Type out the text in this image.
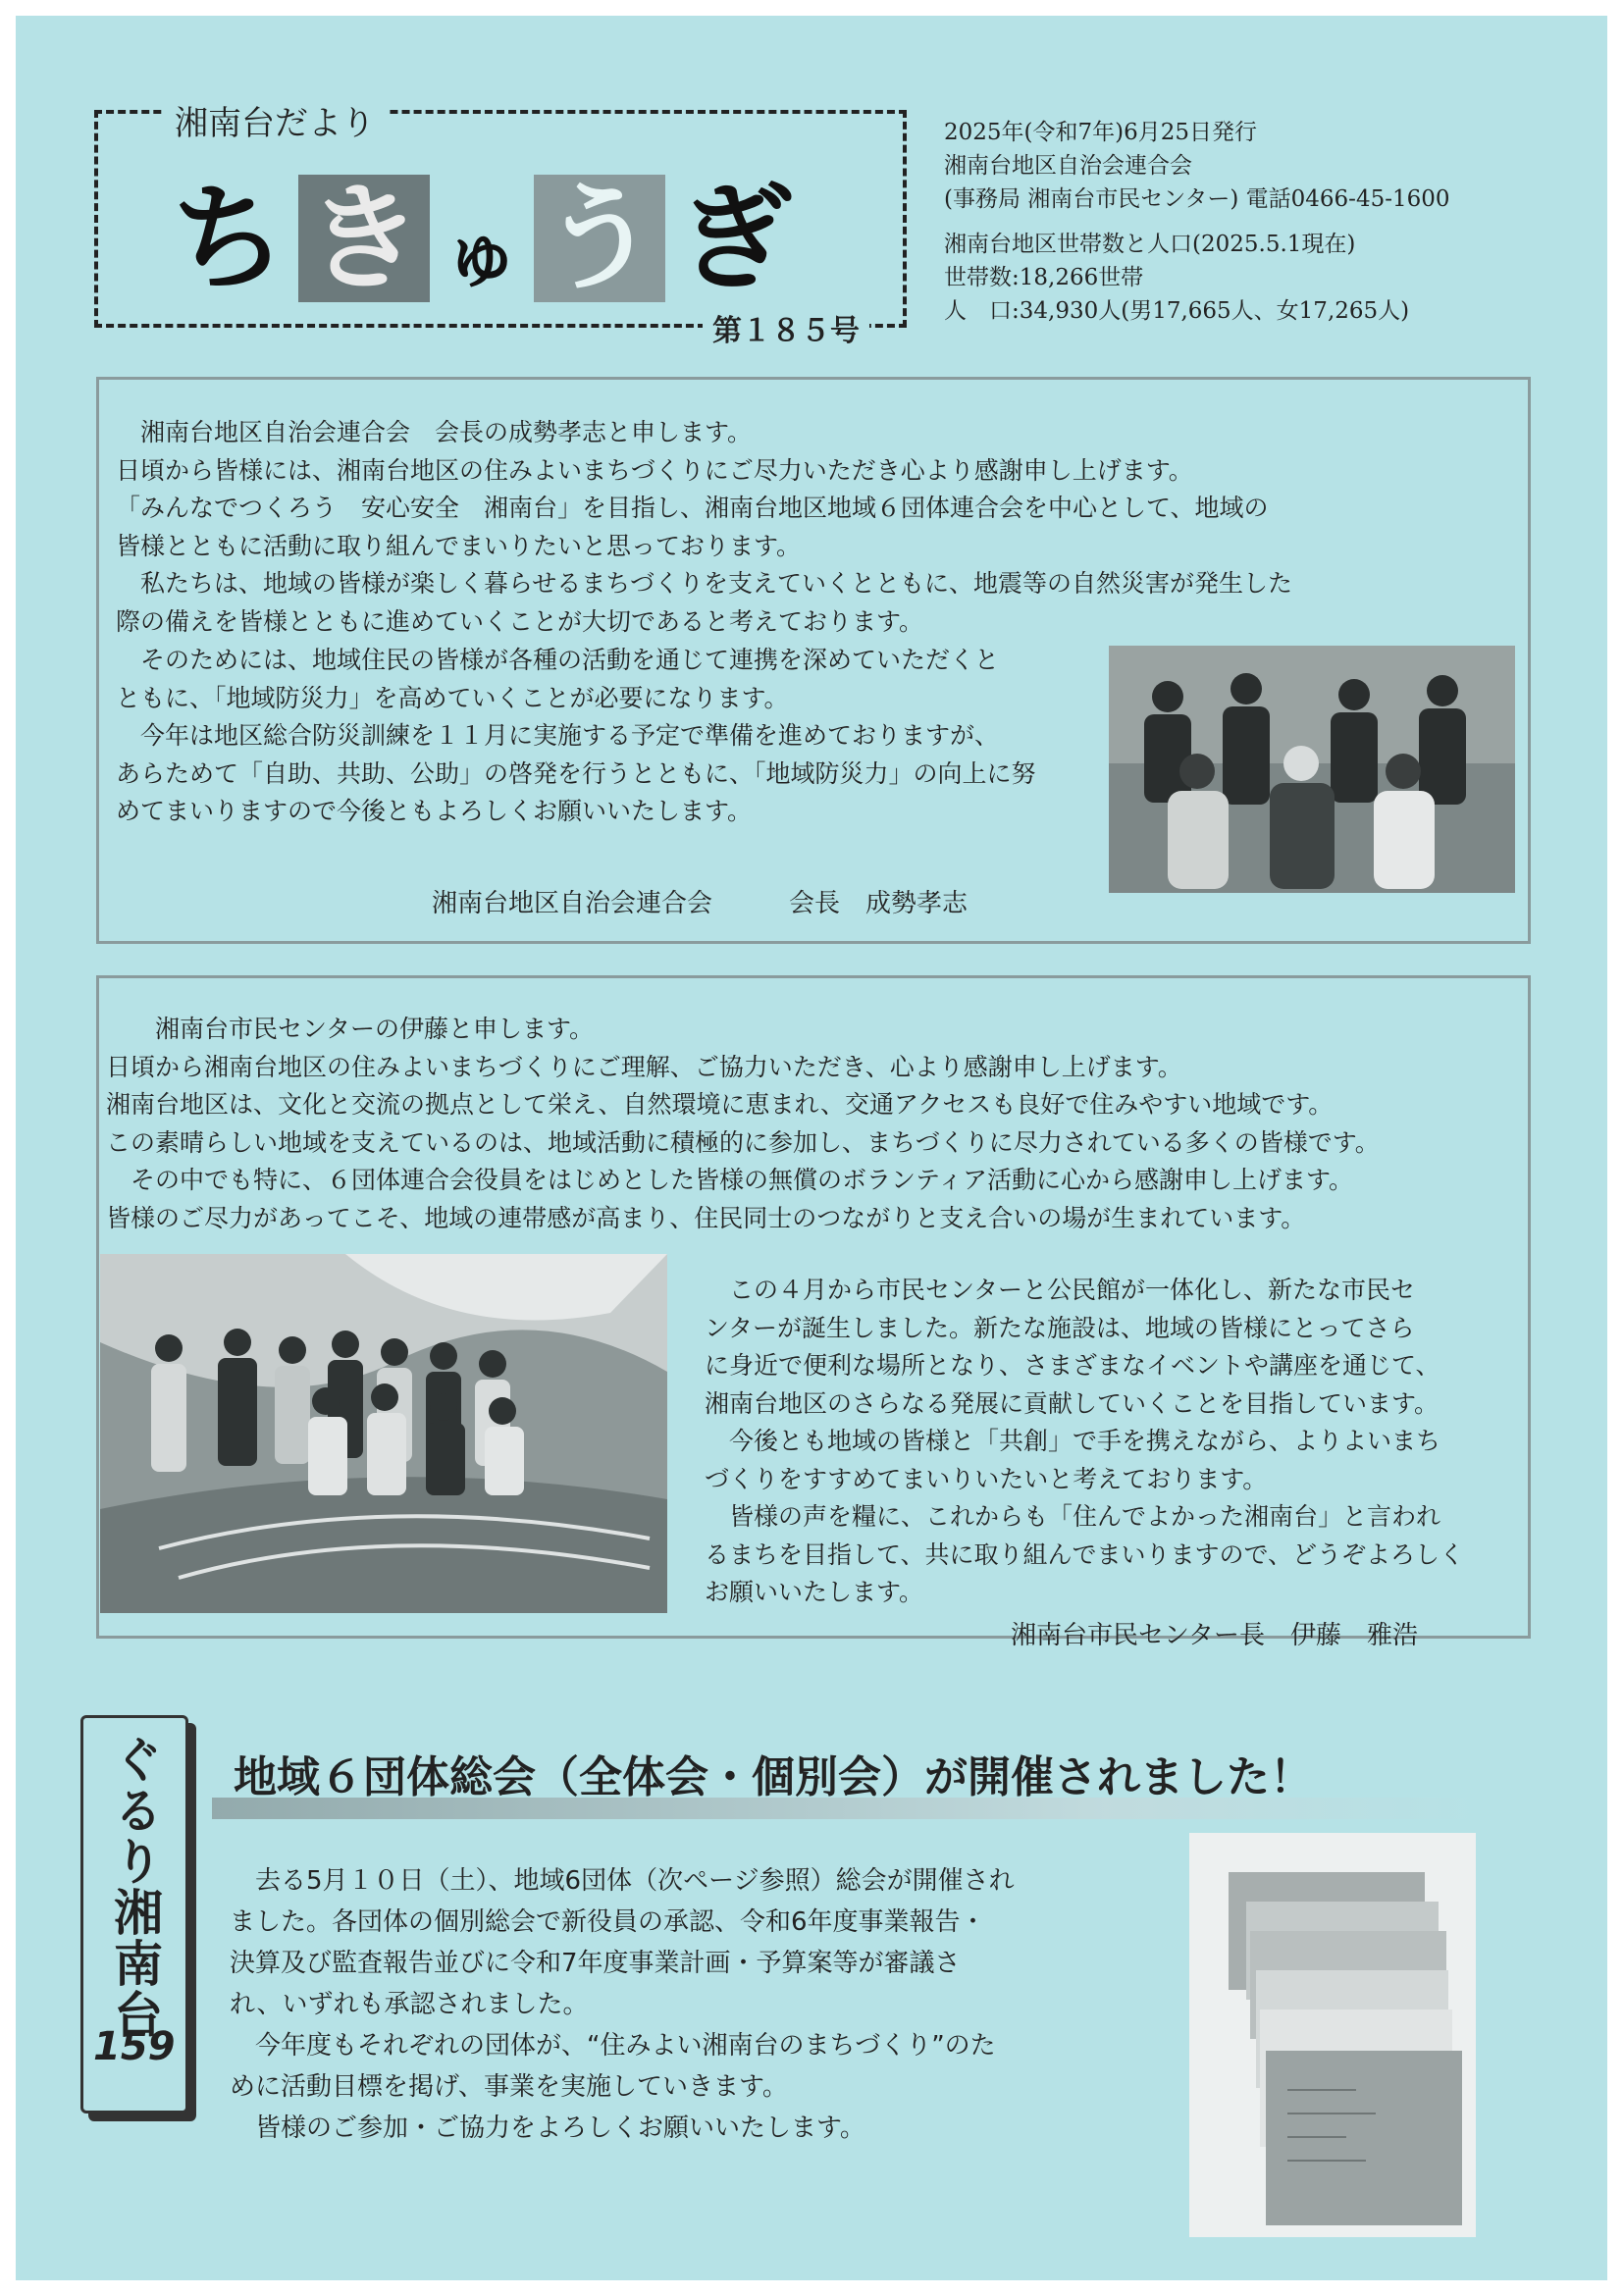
湘南台だより
ち き ゅ う ぎ
第１８５号
2025年(令和7年)6月25日発行
湘南台地区自治会連合会
(事務局 湘南台市民センター) 電話0466-45-1600
湘南台地区世帯数と人口(2025.5.1現在)
世帯数:18,266世帯
人　口:34,930人(男17,665人、女17,265人)
　湘南台地区自治会連合会　会長の成勢孝志と申します。
日頃から皆様には、湘南台地区の住みよいまちづくりにご尽力いただき心より感謝申し上げます。
「みんなでつくろう　安心安全　湘南台」を目指し、湘南台地区地域６団体連合会を中心として、地域の
皆様とともに活動に取り組んでまいりたいと思っております。
　私たちは、地域の皆様が楽しく暮らせるまちづくりを支えていくとともに、地震等の自然災害が発生した
際の備えを皆様とともに進めていくことが大切であると考えております。
　そのためには、地域住民の皆様が各種の活動を通じて連携を深めていただくと
ともに、「地域防災力」を高めていくことが必要になります。
　今年は地区総合防災訓練を１１月に実施する予定で準備を進めておりますが、
あらためて「自助、共助、公助」の啓発を行うとともに、「地域防災力」の向上に努
めてまいりますので今後ともよろしくお願いいたします。
湘南台地区自治会連合会　　　会長　成勢孝志
　　湘南台市民センターの伊藤と申します。
日頃から湘南台地区の住みよいまちづくりにご理解、ご協力いただき、心より感謝申し上げます。
湘南台地区は、文化と交流の拠点として栄え、自然環境に恵まれ、交通アクセスも良好で住みやすい地域です。
この素晴らしい地域を支えているのは、地域活動に積極的に参加し、まちづくりに尽力されている多くの皆様です。
　その中でも特に、６団体連合会役員をはじめとした皆様の無償のボランティア活動に心から感謝申し上げます。
皆様のご尽力があってこそ、地域の連帯感が高まり、住民同士のつながりと支え合いの場が生まれています。
　この４月から市民センターと公民館が一体化し、新たな市民セ
ンターが誕生しました。新たな施設は、地域の皆様にとってさら
に身近で便利な場所となり、さまざまなイベントや講座を通じて、
湘南台地区のさらなる発展に貢献していくことを目指しています。
　今後とも地域の皆様と「共創」で手を携えながら、よりよいまち
づくりをすすめてまいりいたいと考えております。
　皆様の声を糧に、これからも「住んでよかった湘南台」と言われ
るまちを目指して、共に取り組んでまいりますので、どうぞよろしく
お願いいたします。
湘南台市民センター長　伊藤　雅浩
ぐるり湘南台
159
地域６団体総会（全体会・個別会）が開催されました！
　去る5月１０日（土）、地域6団体（次ページ参照）総会が開催され
ました。各団体の個別総会で新役員の承認、令和6年度事業報告・
決算及び監査報告並びに令和7年度事業計画・予算案等が審議さ
れ、いずれも承認されました。
　今年度もそれぞれの団体が、“住みよい湘南台のまちづくり”のた
めに活動目標を掲げ、事業を実施していきます。
　皆様のご参加・ご協力をよろしくお願いいたします。
